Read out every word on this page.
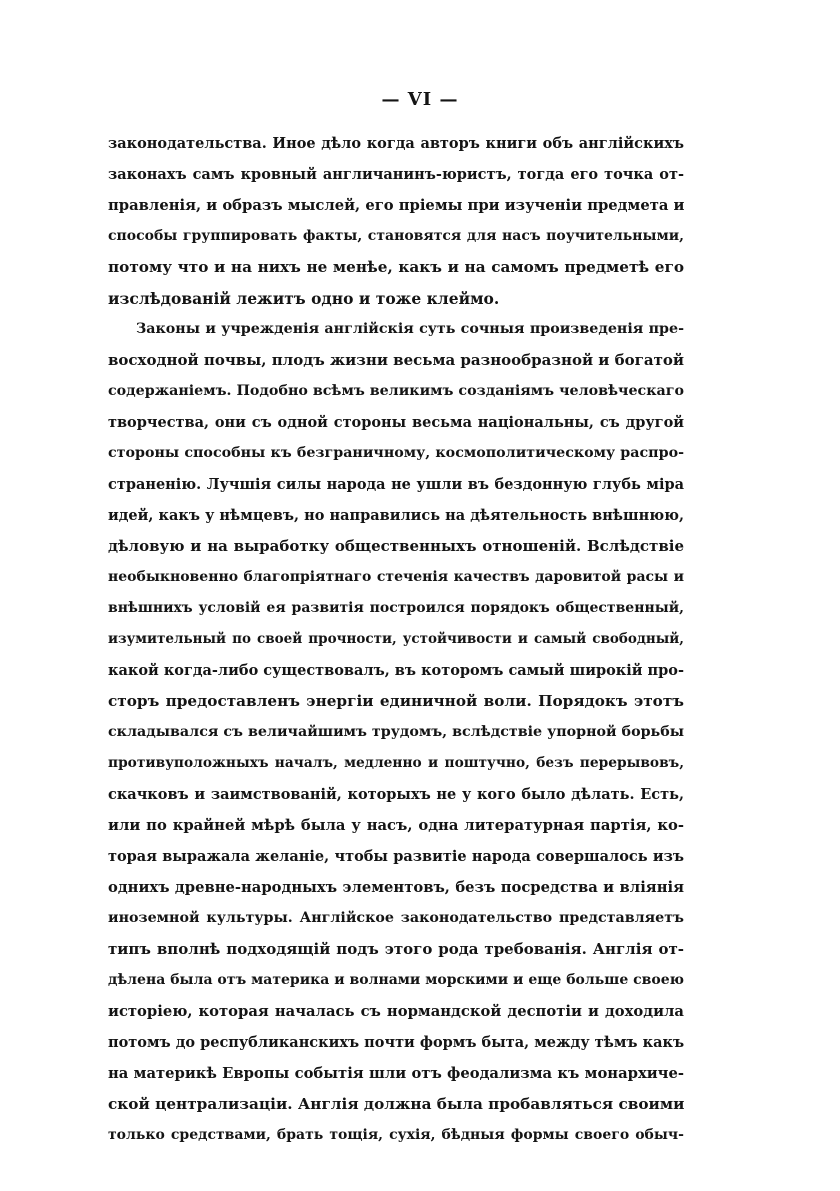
— VI —
законодательства. Иное дѣло когда авторъ книги объ англійскихъ
законахъ самъ кровный англичанинъ-юристъ, тогда его точка от-
правленія, и образъ мыслей, его пріемы при изученіи предмета и
способы группировать факты, становятся для насъ поучительными,
потому что и на нихъ не менѣе, какъ и на самомъ предметѣ его
изслѣдованій лежитъ одно и тоже клеймо.
Законы и учрежденія англійскія суть сочныя произведенія пре-
восходной почвы, плодъ жизни весьма разнообразной и богатой
содержаніемъ. Подобно всѣмъ великимъ созданіямъ человѣческаго
творчества, они съ одной стороны весьма національны, съ другой
стороны способны къ безграничному, космополитическому распро-
страненію. Лучшія силы народа не ушли въ бездонную глубь міра
идей, какъ у нѣмцевъ, но направились на дѣятельность внѣшнюю,
дѣловую и на выработку общественныхъ отношеній. Вслѣдствіе
необыкновенно благопріятнаго стеченія качествъ даровитой расы и
внѣшнихъ условій ея развитія построился порядокъ общественный,
изумительный по своей прочности, устойчивости и самый свободный,
какой когда-либо существовалъ, въ которомъ самый широкій про-
сторъ предоставленъ энергіи единичной воли. Порядокъ этотъ
складывался съ величайшимъ трудомъ, вслѣдствіе упорной борьбы
противуположныхъ началъ, медленно и поштучно, безъ перерывовъ,
скачковъ и заимствованій, которыхъ не у кого было дѣлать. Есть,
или по крайней мѣрѣ была у насъ, одна литературная партія, ко-
торая выражала желаніе, чтобы развитіе народа совершалось изъ
однихъ древне-народныхъ элементовъ, безъ посредства и вліянія
иноземной культуры. Англійское законодательство представляетъ
типъ вполнѣ подходящій подъ этого рода требованія. Англія от-
дѣлена была отъ материка и волнами морскими и еще больше своею
исторіею, которая началась съ нормандской деспотіи и доходила
потомъ до республиканскихъ почти формъ быта, между тѣмъ какъ
на материкѣ Европы событія шли отъ феодализма къ монархиче-
ской централизаціи. Англія должна была пробавляться своими
только средствами, брать тощія, сухія, бѣдныя формы своего обыч-
